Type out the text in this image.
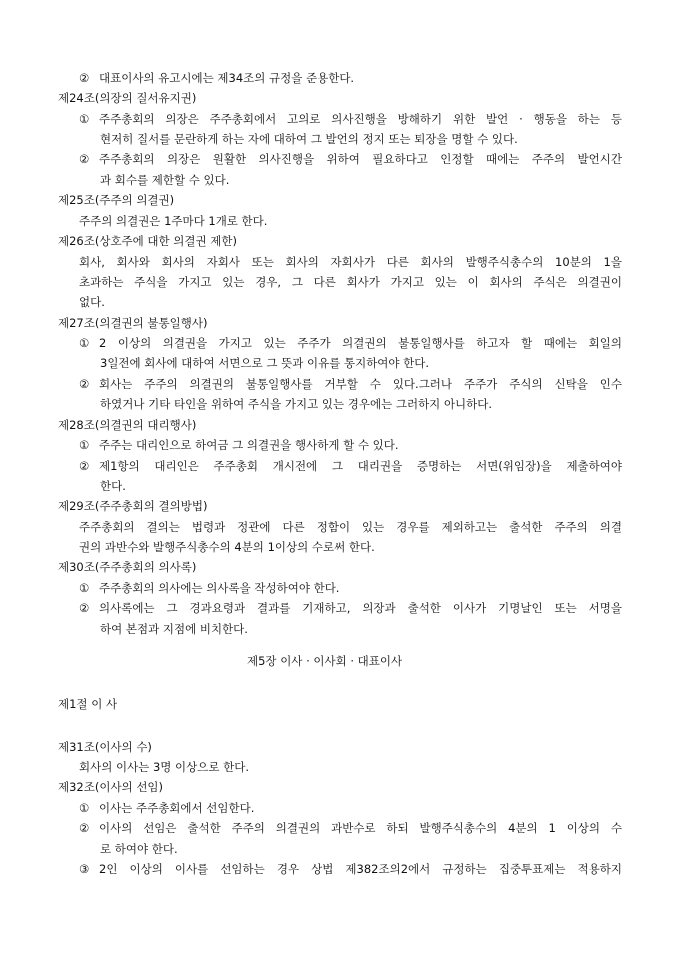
② 대표이사의 유고시에는 제34조의 규정을 준용한다.
제24조(의장의 질서유지권)
① 주주총회의 의장은 주주총회에서 고의로 의사진행을 방해하기 위한 발언 · 행동을 하는 등
현저히 질서를 문란하게 하는 자에 대하여 그 발언의 정지 또는 퇴장을 명할 수 있다.
② 주주총회의 의장은 원활한 의사진행을 위하여 필요하다고 인정할 때에는 주주의 발언시간
과 회수를 제한할 수 있다.
제25조(주주의 의결권)
주주의 의결권은 1주마다 1개로 한다.
제26조(상호주에 대한 의결권 제한)
회사, 회사와 회사의 자회사 또는 회사의 자회사가 다른 회사의 발행주식총수의 10분의 1을
초과하는 주식을 가지고 있는 경우, 그 다른 회사가 가지고 있는 이 회사의 주식은 의결권이
없다.
제27조(의결권의 불통일행사)
① 2 이상의 의결권을 가지고 있는 주주가 의결권의 불통일행사를 하고자 할 때에는 회일의
3일전에 회사에 대하여 서면으로 그 뜻과 이유를 통지하여야 한다.
② 회사는 주주의 의결권의 불통일행사를 거부할 수 있다.그러나 주주가 주식의 신탁을 인수
하였거나 기타 타인을 위하여 주식을 가지고 있는 경우에는 그러하지 아니하다.
제28조(의결권의 대리행사)
① 주주는 대리인으로 하여금 그 의결권을 행사하게 할 수 있다.
② 제1항의 대리인은 주주총회 개시전에 그 대리권을 증명하는 서면(위임장)을 제출하여야
한다.
제29조(주주총회의 결의방법)
주주총회의 결의는 법령과 정관에 다른 정함이 있는 경우를 제외하고는 출석한 주주의 의결
권의 과반수와 발행주식총수의 4분의 1이상의 수로써 한다.
제30조(주주총회의 의사록)
① 주주총회의 의사에는 의사록을 작성하여야 한다.
② 의사록에는 그 경과요령과 결과를 기재하고, 의장과 출석한 이사가 기명날인 또는 서명을
하여 본점과 지점에 비치한다.
제5장 이사 · 이사회 · 대표이사
제1절 이 사
제31조(이사의 수)
회사의 이사는 3명 이상으로 한다.
제32조(이사의 선임)
① 이사는 주주총회에서 선임한다.
② 이사의 선임은 출석한 주주의 의결권의 과반수로 하되 발행주식총수의 4분의 1 이상의 수
로 하여야 한다.
③ 2인 이상의 이사를 선임하는 경우 상법 제382조의2에서 규정하는 집중투표제는 적용하지
